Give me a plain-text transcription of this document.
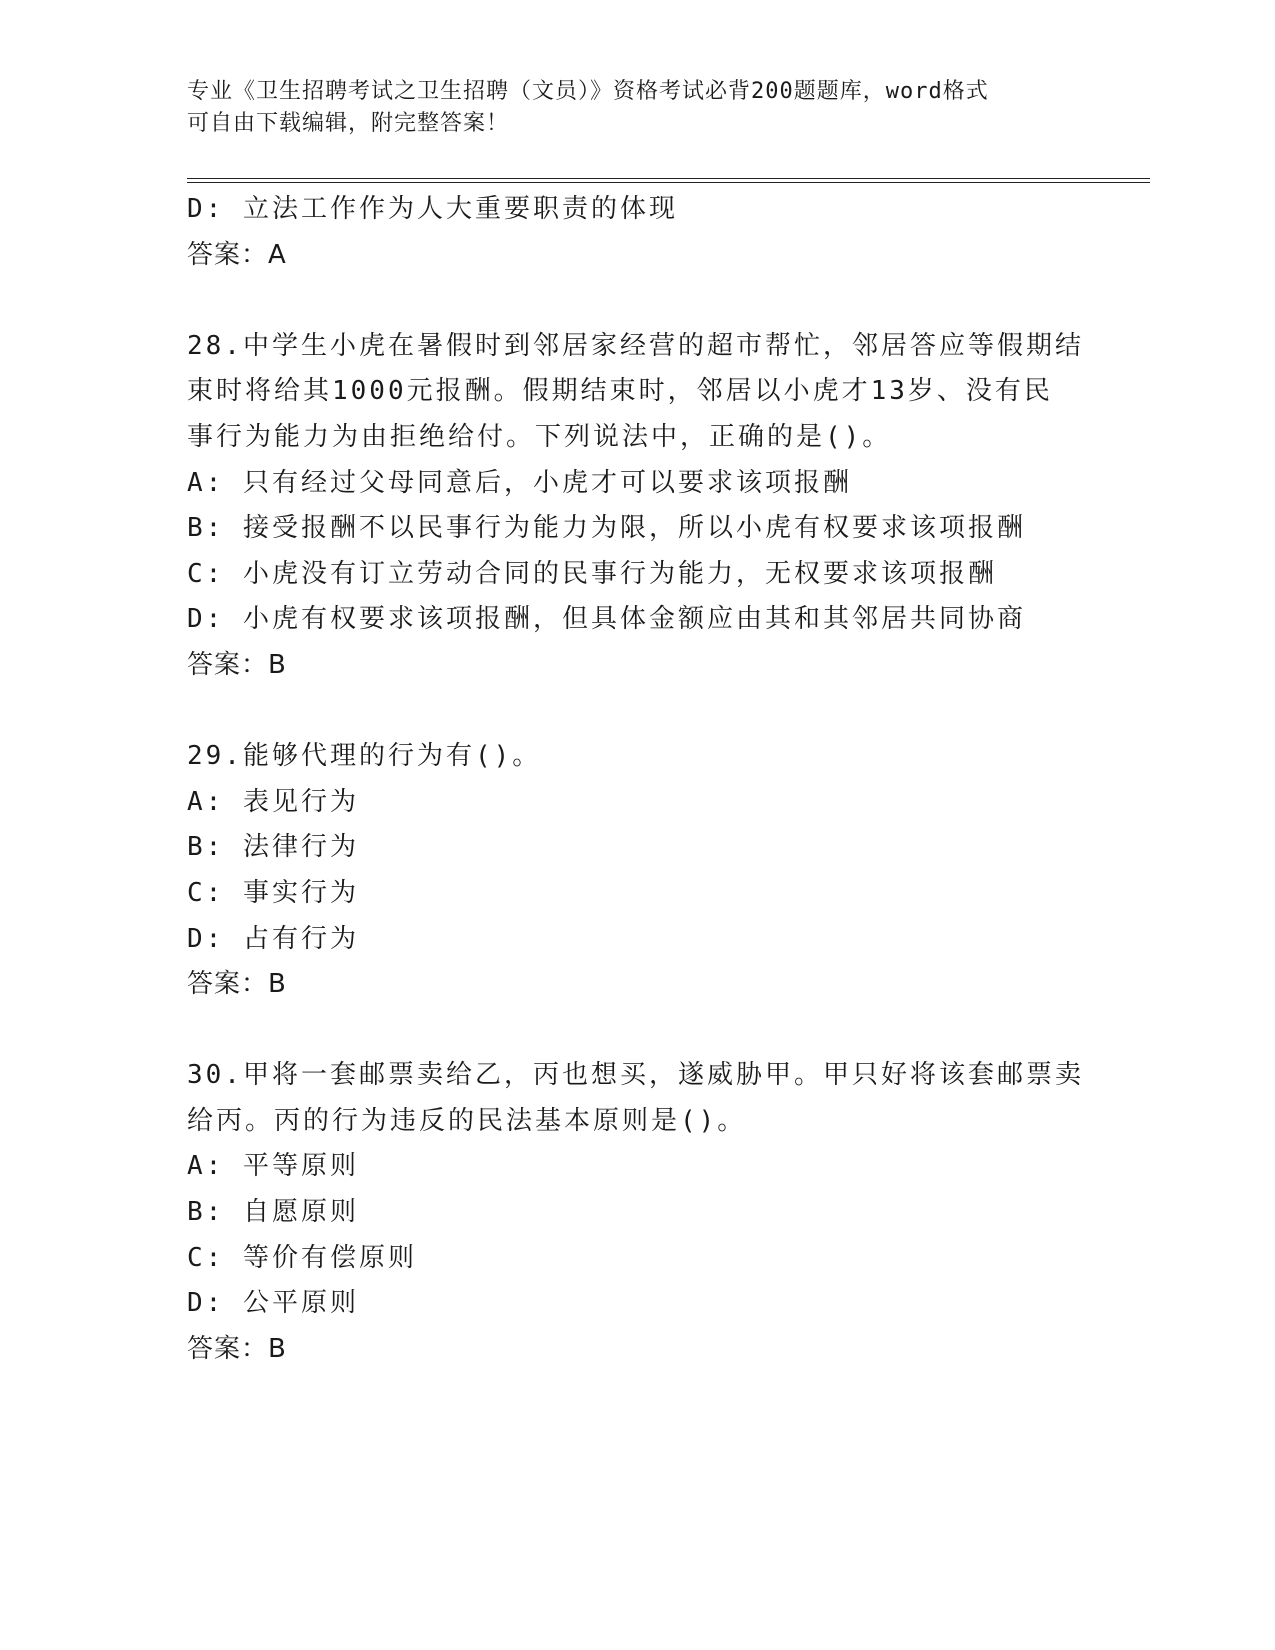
专业《卫生招聘考试之卫生招聘（文员）》资格考试必背200题题库，word格式
可自由下载编辑，附完整答案！
D: 立法工作作为人大重要职责的体现
答案：A
28.中学生小虎在暑假时到邻居家经营的超市帮忙，邻居答应等假期结
束时将给其1000元报酬。假期结束时，邻居以小虎才13岁、没有民
事行为能力为由拒绝给付。下列说法中，正确的是()。
A: 只有经过父母同意后，小虎才可以要求该项报酬
B: 接受报酬不以民事行为能力为限，所以小虎有权要求该项报酬
C: 小虎没有订立劳动合同的民事行为能力，无权要求该项报酬
D: 小虎有权要求该项报酬，但具体金额应由其和其邻居共同协商
答案：B
29.能够代理的行为有()。
A: 表见行为
B: 法律行为
C: 事实行为
D: 占有行为
答案：B
30.甲将一套邮票卖给乙，丙也想买，遂威胁甲。甲只好将该套邮票卖
给丙。丙的行为违反的民法基本原则是()。
A: 平等原则
B: 自愿原则
C: 等价有偿原则
D: 公平原则
答案：B
